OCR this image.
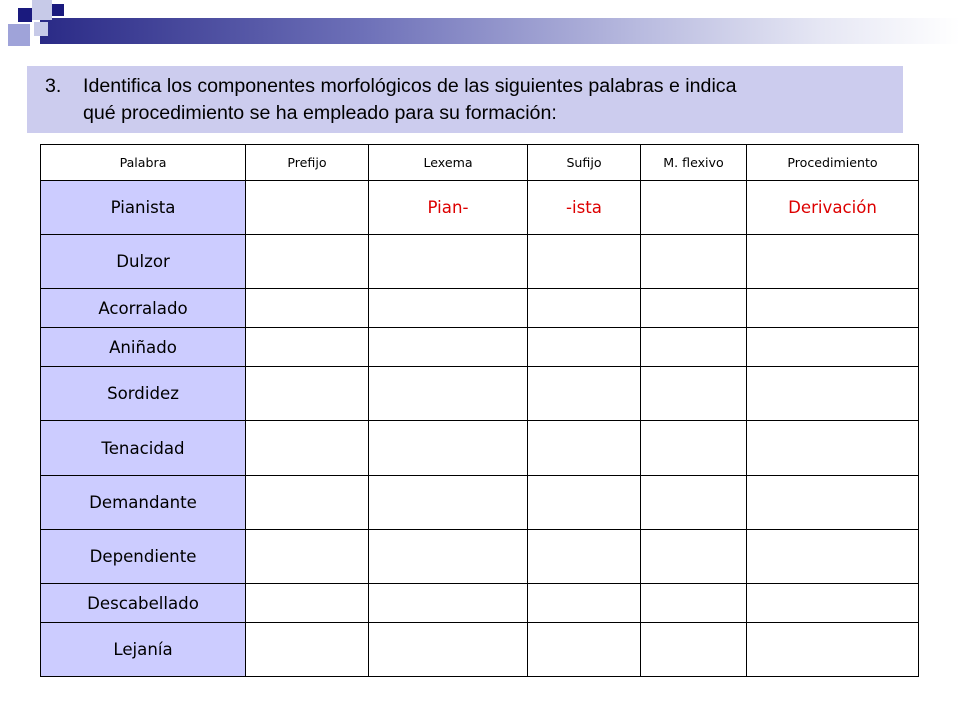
3. Identifica los componentes morfológicos de las siguientes palabras e indica
qué procedimiento se ha empleado para su formación:
Palabra	Prefijo	Lexema	Sufijo	M. flexivo	Procedimiento
Pianista		Pian-	-ista		Derivación
Dulzor					
Acorralado					
Aniñado					
Sordidez					
Tenacidad					
Demandante					
Dependiente					
Descabellado					
Lejanía					
